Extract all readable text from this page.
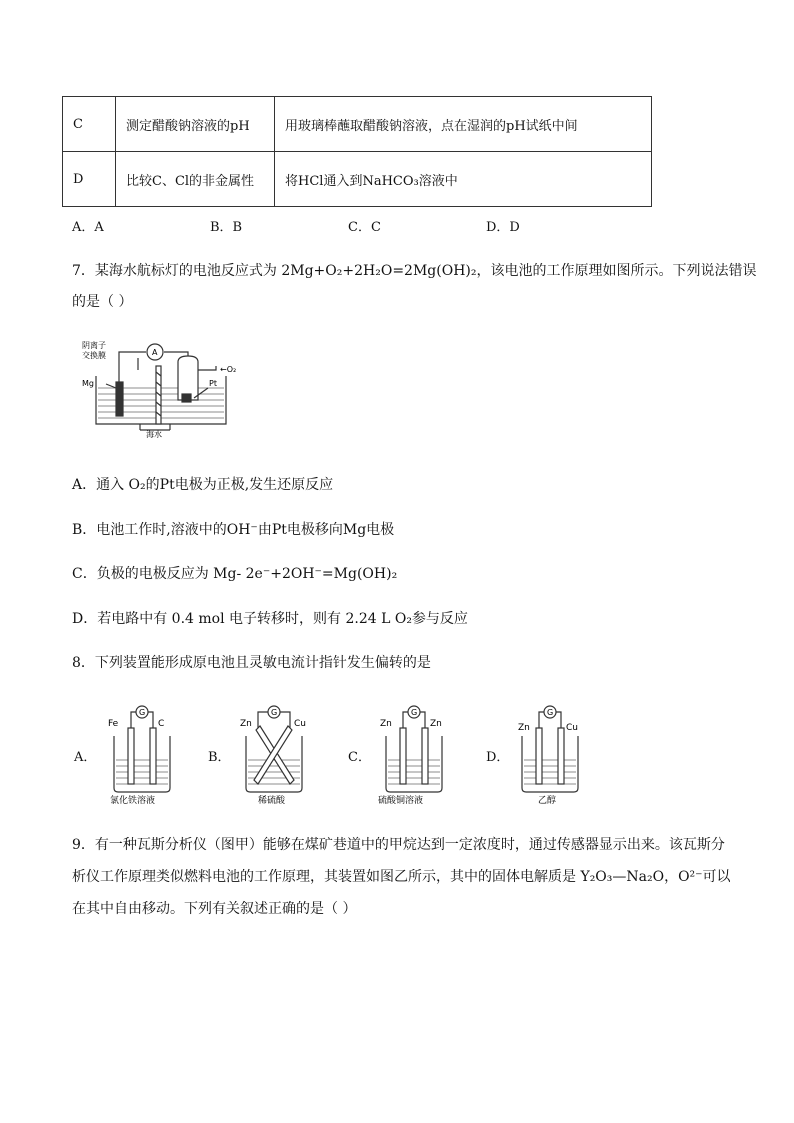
C	测定醋酸钠溶液的pH	用玻璃棒蘸取醋酸钠溶液，点在湿润的pH试纸中间
D	比较C、Cl的非金属性	将HCl通入到NaHCO₃溶液中
A．A	B．B	C．C	D．D
7．某海水航标灯的电池反应式为 2Mg+O₂+2H₂O=2Mg(OH)₂，该电池的工作原理如图所示。下列说法错误
的是（ ）
阴离子
交换膜
Mg	Pt
←O₂
A
海水
A．通入 O₂的Pt电极为正极,发生还原反应
B．电池工作时,溶液中的OH⁻由Pt电极移向Mg电极
C．负极的电极反应为 Mg- 2e⁻+2OH⁻=Mg(OH)₂
D．若电路中有 0.4 mol 电子转移时，则有 2.24 L O₂参与反应
8．下列装置能形成原电池且灵敏电流计指针发生偏转的是
A．
G
Fe	C
氯化铁溶液
B．
G
Zn	Cu
稀硫酸
C．
G
Zn	Zn
硫酸铜溶液
D．
G
Zn	Cu
乙醇
9．有一种瓦斯分析仪（图甲）能够在煤矿巷道中的甲烷达到一定浓度时，通过传感器显示出来。该瓦斯分
析仪工作原理类似燃料电池的工作原理，其装置如图乙所示，其中的固体电解质是 Y₂O₃—Na₂O，O²⁻可以
在其中自由移动。下列有关叙述正确的是（ ）
